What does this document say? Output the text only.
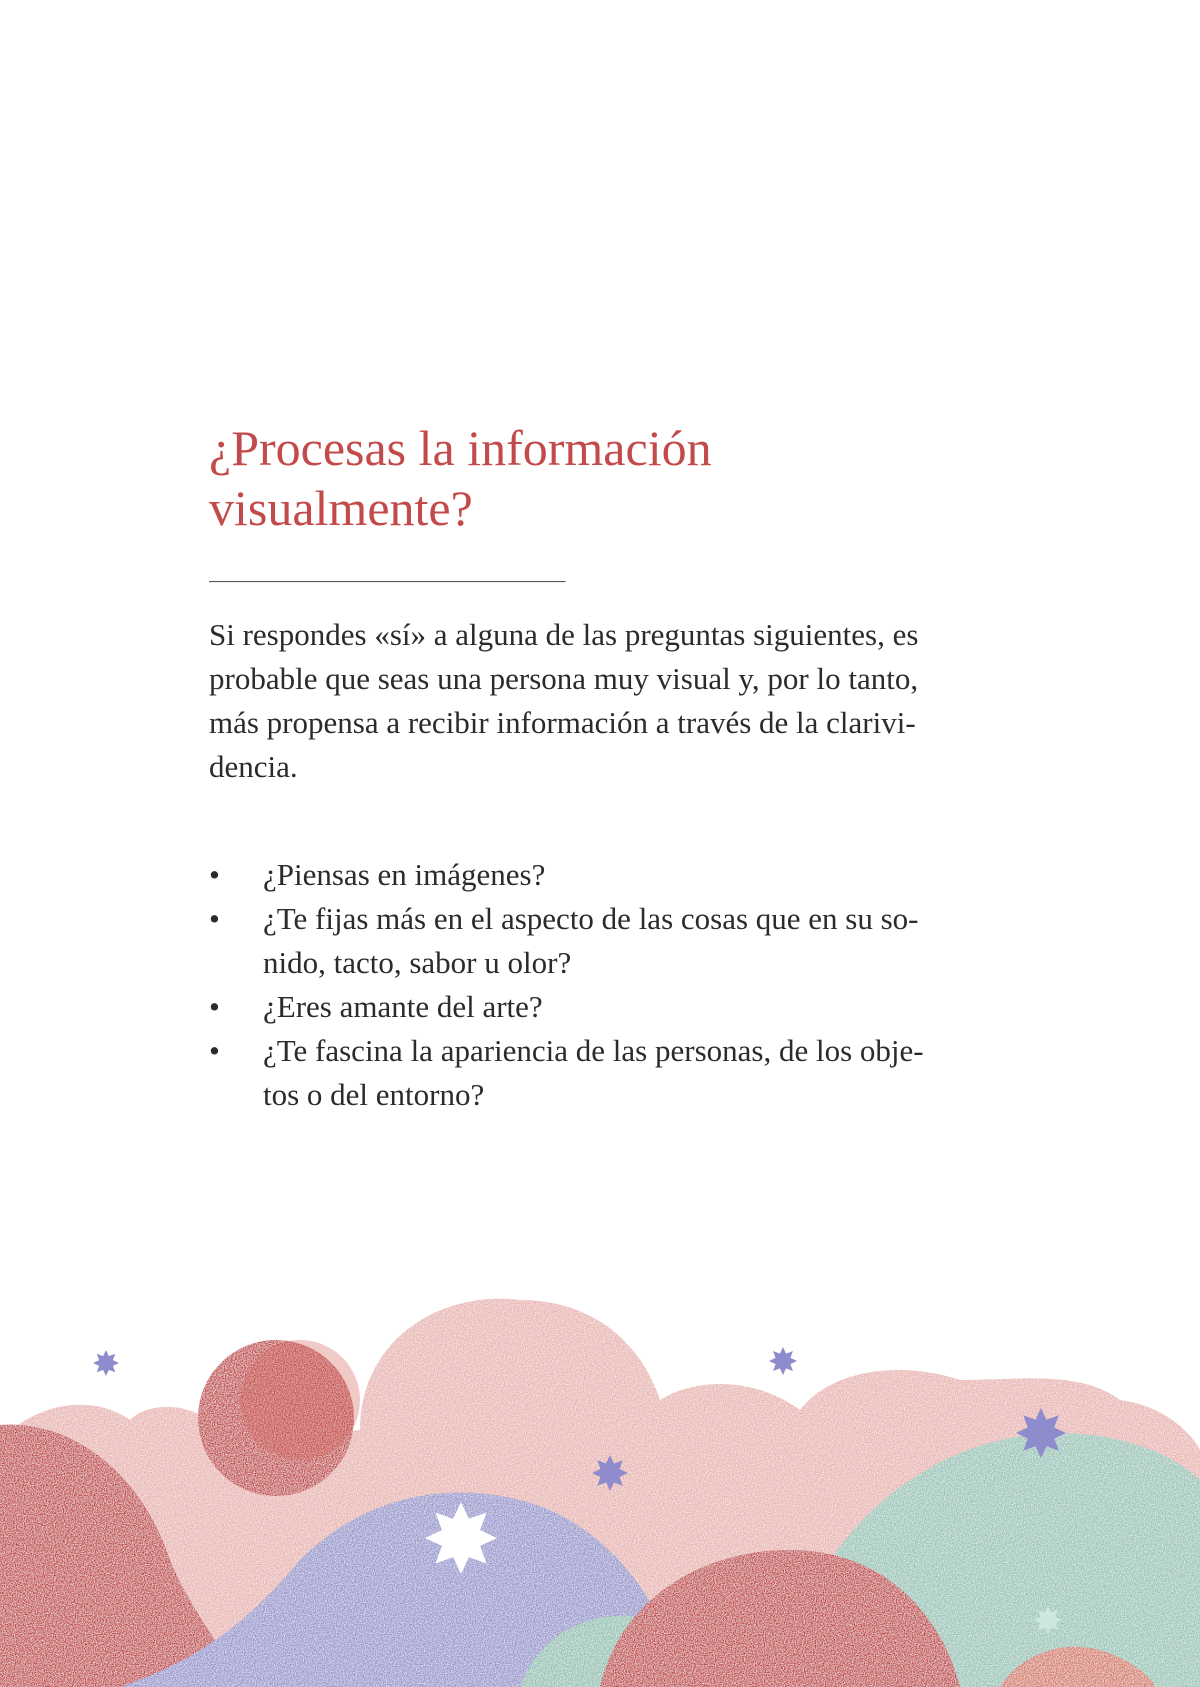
¿Procesas la información
visualmente?

Si respondes «sí» a alguna de las preguntas siguientes, es
probable que seas una persona muy visual y, por lo tanto,
más propensa a recibir información a través de la clarivi-
dencia.

• ¿Piensas en imágenes?
• ¿Te fijas más en el aspecto de las cosas que en su so-
nido, tacto, sabor u olor?
• ¿Eres amante del arte?
• ¿Te fascina la apariencia de las personas, de los obje-
tos o del entorno?
